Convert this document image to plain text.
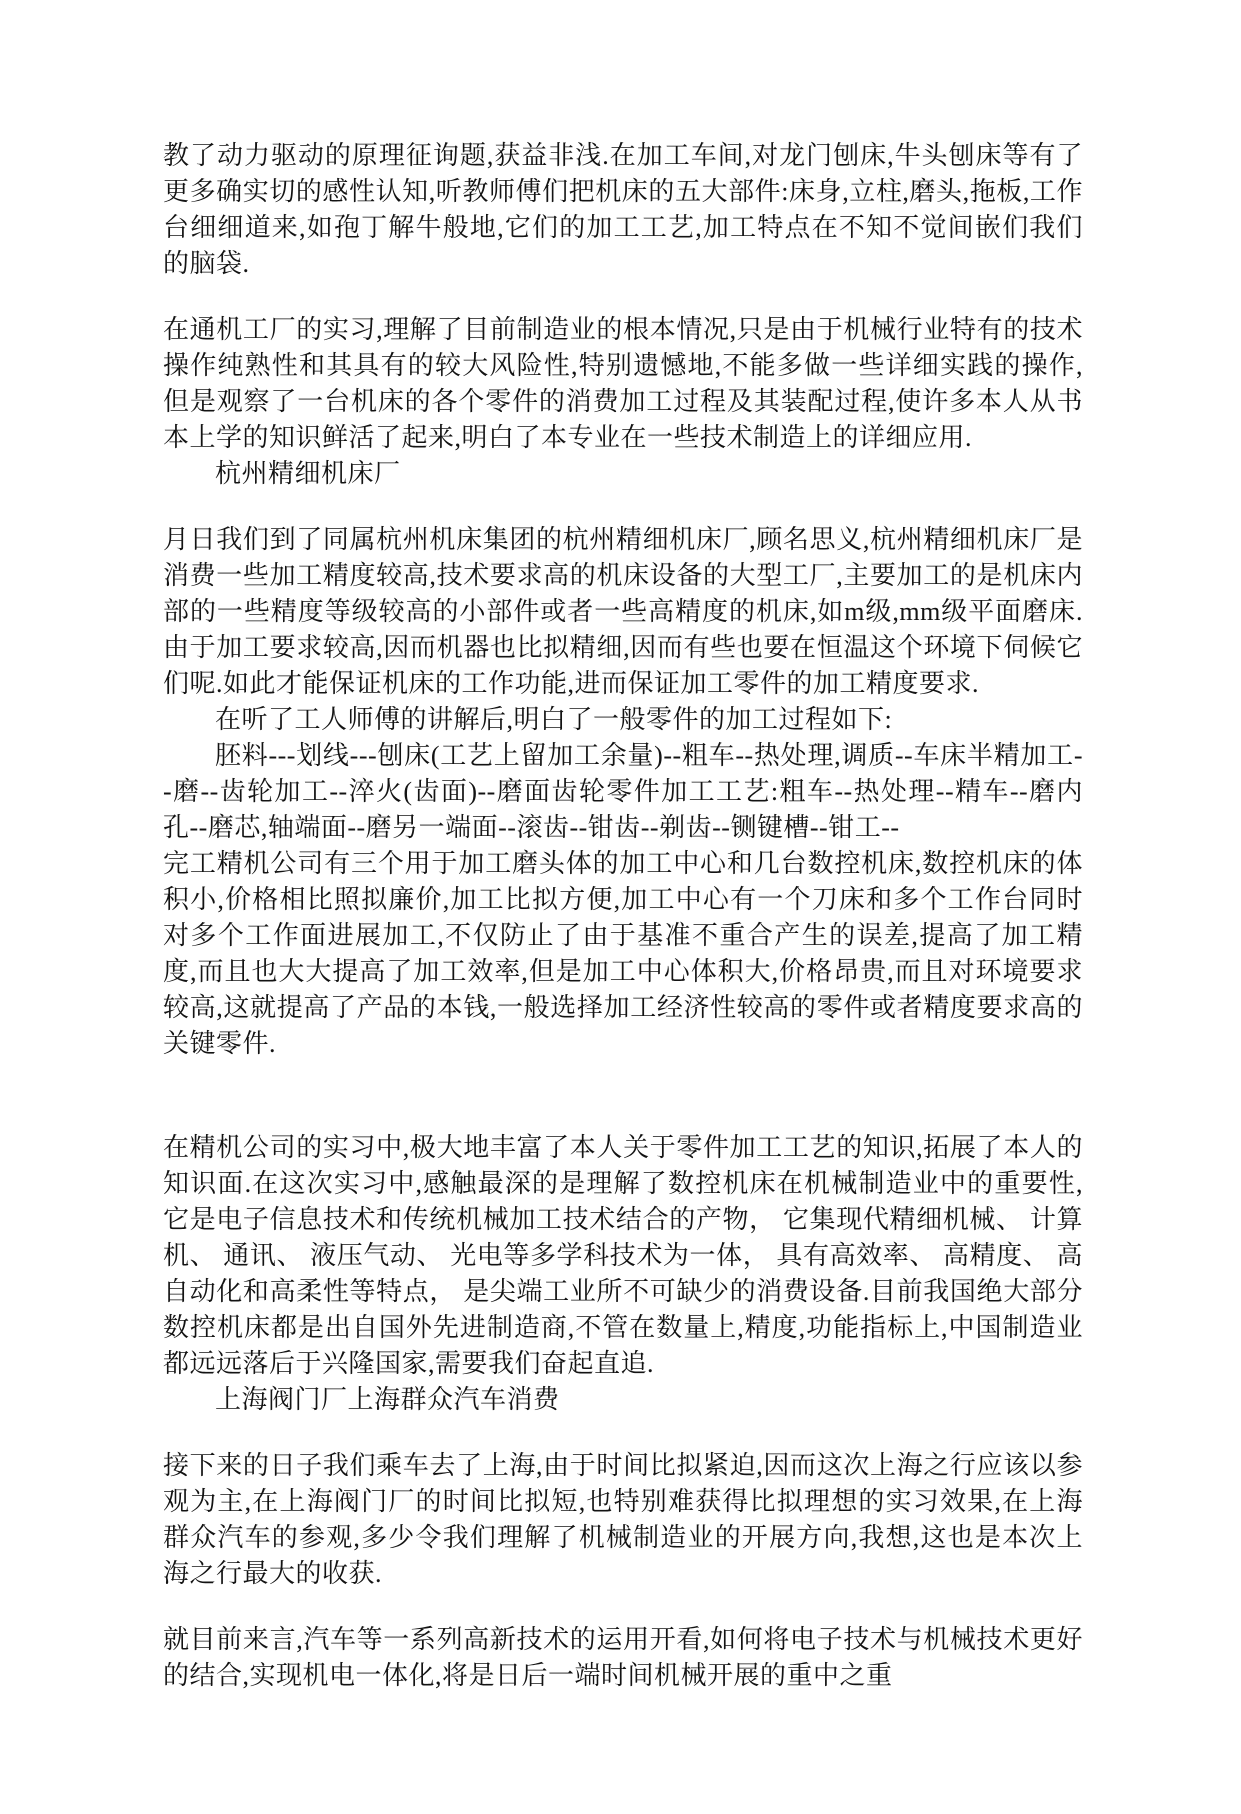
教了动力驱动的原理征询题,获益非浅.在加工车间,对龙门刨床,牛头刨床等有了更多确实切的感性认知,听教师傅们把机床的五大部件:床身,立柱,磨头,拖板,工作台细细道来,如孢丁解牛般地,它们的加工工艺,加工特点在不知不觉间嵌们我们的脑袋.

在通机工厂的实习,理解了目前制造业的根本情况,只是由于机械行业特有的技术操作纯熟性和其具有的较大风险性,特别遗憾地,不能多做一些详细实践的操作,但是观察了一台机床的各个零件的消费加工过程及其装配过程,使许多本人从书本上学的知识鲜活了起来,明白了本专业在一些技术制造上的详细应用.

杭州精细机床厂

月日我们到了同属杭州机床集团的杭州精细机床厂,顾名思义,杭州精细机床厂是消费一些加工精度较高,技术要求高的机床设备的大型工厂,主要加工的是机床内部的一些精度等级较高的小部件或者一些高精度的机床,如m级,mm级平面磨床.由于加工要求较高,因而机器也比拟精细,因而有些也要在恒温这个环境下伺候它们呢.如此才能保证机床的工作功能,进而保证加工零件的加工精度要求.

在听了工人师傅的讲解后,明白了一般零件的加工过程如下:

胚料---划线---刨床(工艺上留加工余量)--粗车--热处理,调质--车床半精加工--磨--齿轮加工--淬火(齿面)--磨面齿轮零件加工工艺:粗车--热处理--精车--磨内孔--磨芯,轴端面--磨另一端面--滚齿--钳齿--剃齿--铡键槽--钳工--

完工精机公司有三个用于加工磨头体的加工中心和几台数控机床,数控机床的体积小,价格相比照拟廉价,加工比拟方便,加工中心有一个刀床和多个工作台同时对多个工作面进展加工,不仅防止了由于基准不重合产生的误差,提高了加工精度,而且也大大提高了加工效率,但是加工中心体积大,价格昂贵,而且对环境要求较高,这就提高了产品的本钱,一般选择加工经济性较高的零件或者精度要求高的关键零件.

在精机公司的实习中,极大地丰富了本人关于零件加工工艺的知识,拓展了本人的知识面.在这次实习中,感触最深的是理解了数控机床在机械制造业中的重要性,它是电子信息技术和传统机械加工技术结合的产物， 它集现代精细机械、 计算机、 通讯、 液压气动、 光电等多学科技术为一体， 具有高效率、 高精度、 高自动化和高柔性等特点， 是尖端工业所不可缺少的消费设备.目前我国绝大部分数控机床都是出自国外先进制造商,不管在数量上,精度,功能指标上,中国制造业都远远落后于兴隆国家,需要我们奋起直追.

上海阀门厂上海群众汽车消费

接下来的日子我们乘车去了上海,由于时间比拟紧迫,因而这次上海之行应该以参观为主,在上海阀门厂的时间比拟短,也特别难获得比拟理想的实习效果,在上海群众汽车的参观,多少令我们理解了机械制造业的开展方向,我想,这也是本次上海之行最大的收获.

就目前来言,汽车等一系列高新技术的运用开看,如何将电子技术与机械技术更好的结合,实现机电一体化,将是日后一端时间机械开展的重中之重
